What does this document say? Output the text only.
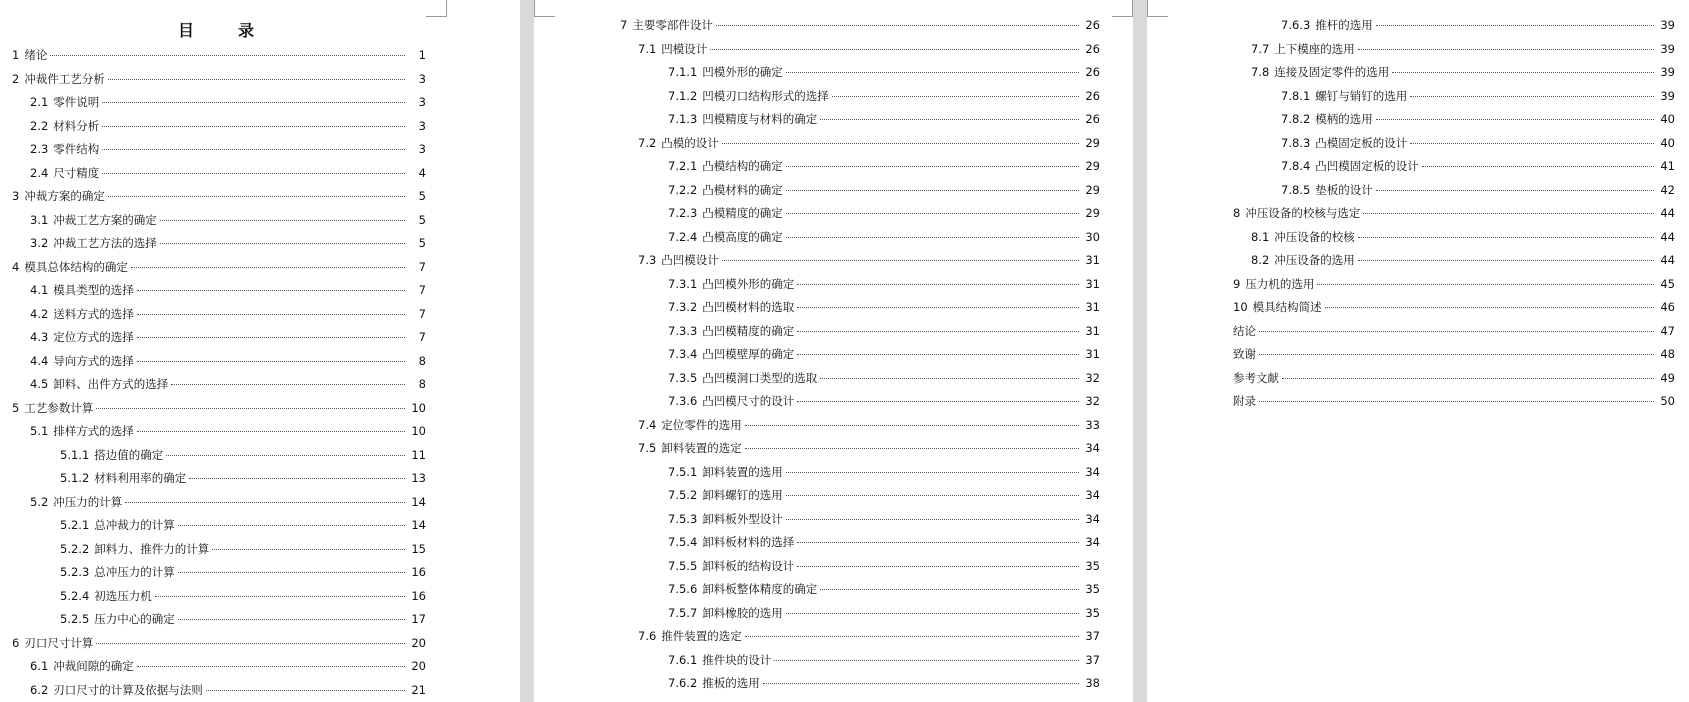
目　录
1 绪论	1
2 冲裁件工艺分析	3
2.1 零件说明	3
2.2 材料分析	3
2.3 零件结构	3
2.4 尺寸精度	4
3 冲裁方案的确定	5
3.1 冲裁工艺方案的确定	5
3.2 冲裁工艺方法的选择	5
4 模具总体结构的确定	7
4.1 模具类型的选择	7
4.2 送料方式的选择	7
4.3 定位方式的选择	7
4.4 导向方式的选择	8
4.5 卸料、出件方式的选择	8
5 工艺参数计算	10
5.1 排样方式的选择	10
5.1.1 搭边值的确定	11
5.1.2 材料利用率的确定	13
5.2 冲压力的计算	14
5.2.1 总冲裁力的计算	14
5.2.2 卸料力、推件力的计算	15
5.2.3 总冲压力的计算	16
5.2.4 初选压力机	16
5.2.5 压力中心的确定	17
6 刃口尺寸计算	20
6.1 冲裁间隙的确定	20
6.2 刃口尺寸的计算及依据与法则	21
7 主要零部件设计	26
7.1 凹模设计	26
7.1.1 凹模外形的确定	26
7.1.2 凹模刃口结构形式的选择	26
7.1.3 凹模精度与材料的确定	26
7.2 凸模的设计	29
7.2.1 凸模结构的确定	29
7.2.2 凸模材料的确定	29
7.2.3 凸模精度的确定	29
7.2.4 凸模高度的确定	30
7.3 凸凹模设计	31
7.3.1 凸凹模外形的确定	31
7.3.2 凸凹模材料的选取	31
7.3.3 凸凹模精度的确定	31
7.3.4 凸凹模壁厚的确定	31
7.3.5 凸凹模洞口类型的选取	32
7.3.6 凸凹模尺寸的设计	32
7.4 定位零件的选用	33
7.5 卸料装置的选定	34
7.5.1 卸料装置的选用	34
7.5.2 卸料螺钉的选用	34
7.5.3 卸料板外型设计	34
7.5.4 卸料板材料的选择	34
7.5.5 卸料板的结构设计	35
7.5.6 卸料板整体精度的确定	35
7.5.7 卸料橡胶的选用	35
7.6 推件装置的选定	37
7.6.1 推件块的设计	37
7.6.2 推板的选用	38
7.6.3 推杆的选用	39
7.7 上下模座的选用	39
7.8 连接及固定零件的选用	39
7.8.1 螺钉与销钉的选用	39
7.8.2 模柄的选用	40
7.8.3 凸模固定板的设计	40
7.8.4 凸凹模固定板的设计	41
7.8.5 垫板的设计	42
8 冲压设备的校核与选定	44
8.1 冲压设备的校核	44
8.2 冲压设备的选用	44
9 压力机的选用	45
10 模具结构简述	46
结论	47
致谢	48
参考文献	49
附录	50
